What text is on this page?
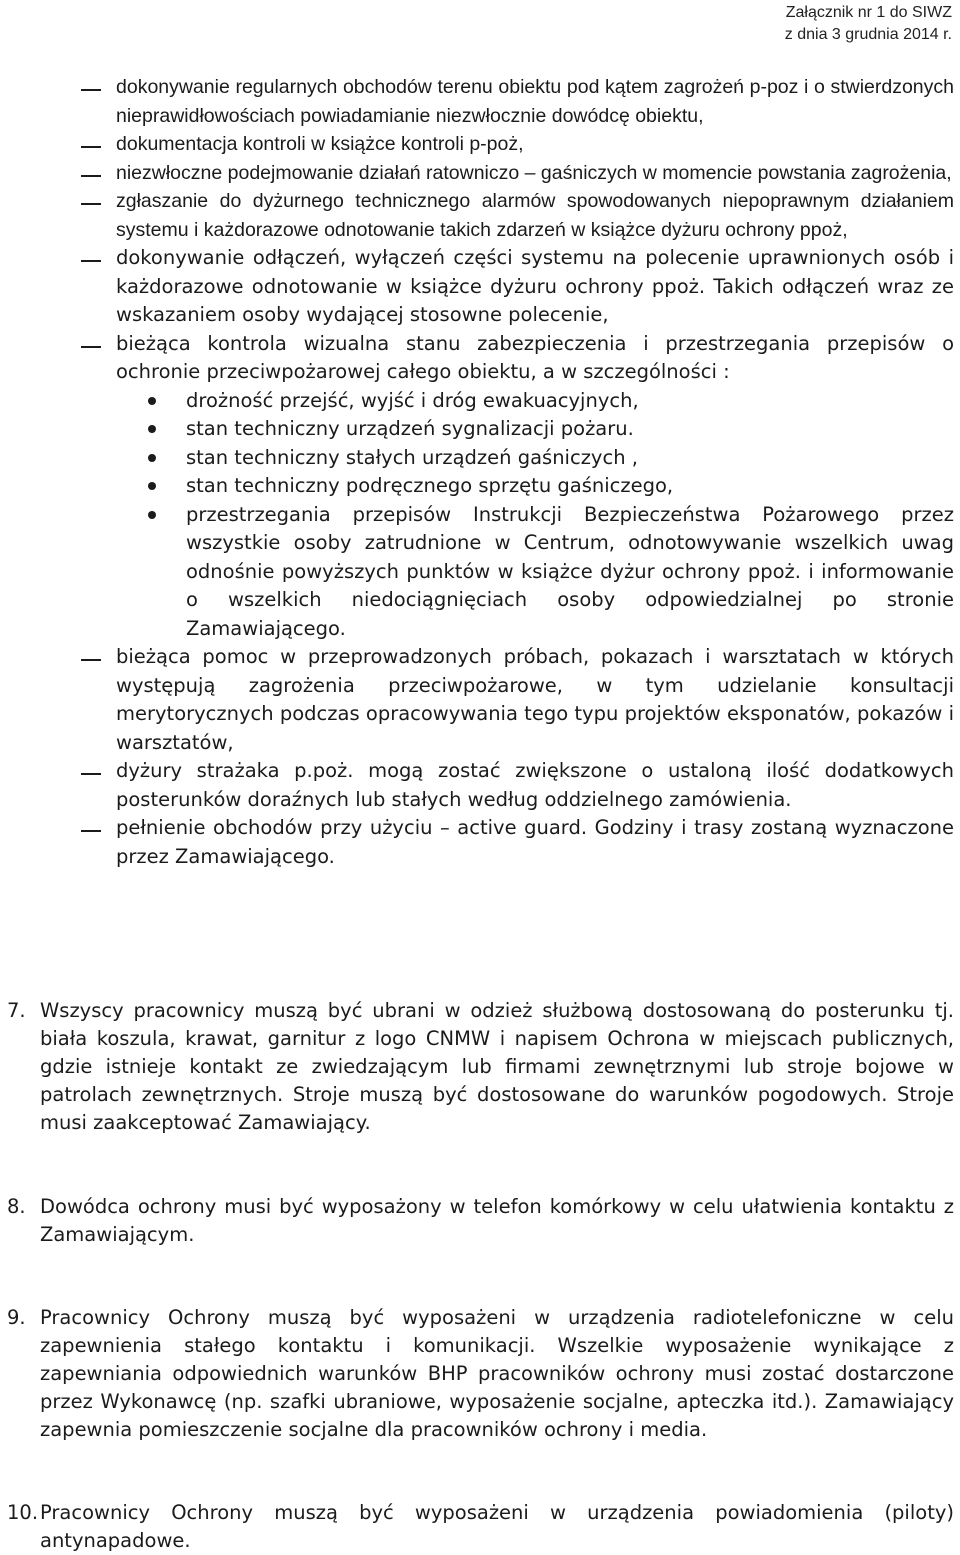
Załącznik nr 1 do SIWZ
z dnia 3 grudnia 2014 r.
dokonywanie regularnych obchodów terenu obiektu pod kątem zagrożeń p-poz i o stwierdzonych nieprawidłowościach powiadamianie niezwłocznie dowódcę obiektu,
dokumentacja kontroli w książce kontroli p-poż,
niezwłoczne podejmowanie działań ratowniczo – gaśniczych w momencie powstania zagrożenia,
zgłaszanie do dyżurnego technicznego alarmów spowodowanych niepoprawnym działaniem systemu i każdorazowe odnotowanie takich zdarzeń w książce dyżuru ochrony ppoż,
dokonywanie odłączeń, wyłączeń części systemu na polecenie uprawnionych osób i każdorazowe odnotowanie w książce dyżuru ochrony ppoż. Takich odłączeń wraz ze wskazaniem osoby wydającej stosowne polecenie,
bieżąca kontrola wizualna stanu zabezpieczenia i przestrzegania przepisów o ochronie przeciwpożarowej całego obiektu, a w szczególności :
drożność przejść, wyjść i dróg ewakuacyjnych,
stan techniczny urządzeń sygnalizacji pożaru.
stan techniczny stałych urządzeń gaśniczych ,
stan techniczny podręcznego sprzętu gaśniczego,
przestrzegania przepisów Instrukcji Bezpieczeństwa Pożarowego przez wszystkie osoby zatrudnione w Centrum, odnotowywanie wszelkich uwag odnośnie powyższych punktów w książce dyżur ochrony ppoż. i informowanie o wszelkich niedociągnięciach osoby odpowiedzialnej po stronie Zamawiającego.
bieżąca pomoc w przeprowadzonych próbach, pokazach i warsztatach w których występują zagrożenia przeciwpożarowe, w tym udzielanie konsultacji merytorycznych podczas opracowywania tego typu projektów eksponatów, pokazów i warsztatów,
dyżury strażaka p.poż. mogą zostać zwiększone o ustaloną ilość dodatkowych posterunków doraźnych lub stałych według oddzielnego zamówienia.
pełnienie obchodów przy użyciu – active guard. Godziny i trasy zostaną wyznaczone przez Zamawiającego.
7. Wszyscy pracownicy muszą być ubrani w odzież służbową dostosowaną do posterunku tj. biała koszula, krawat, garnitur z logo CNMW i napisem Ochrona w miejscach publicznych, gdzie istnieje kontakt ze zwiedzającym lub firmami zewnętrznymi lub stroje bojowe w patrolach zewnętrznych. Stroje muszą być dostosowane do warunków pogodowych. Stroje musi zaakceptować Zamawiający.
8. Dowódca ochrony musi być wyposażony w telefon komórkowy w celu ułatwienia kontaktu z Zamawiającym.
9. Pracownicy Ochrony muszą być wyposażeni w urządzenia radiotelefoniczne w celu zapewnienia stałego kontaktu i komunikacji. Wszelkie wyposażenie wynikające z zapewniania odpowiednich warunków BHP pracowników ochrony musi zostać dostarczone przez Wykonawcę (np. szafki ubraniowe, wyposażenie socjalne, apteczka itd.). Zamawiający zapewnia pomieszczenie socjalne dla pracowników ochrony i media.
10. Pracownicy Ochrony muszą być wyposażeni w urządzenia powiadomienia (piloty) antynapadowe.
